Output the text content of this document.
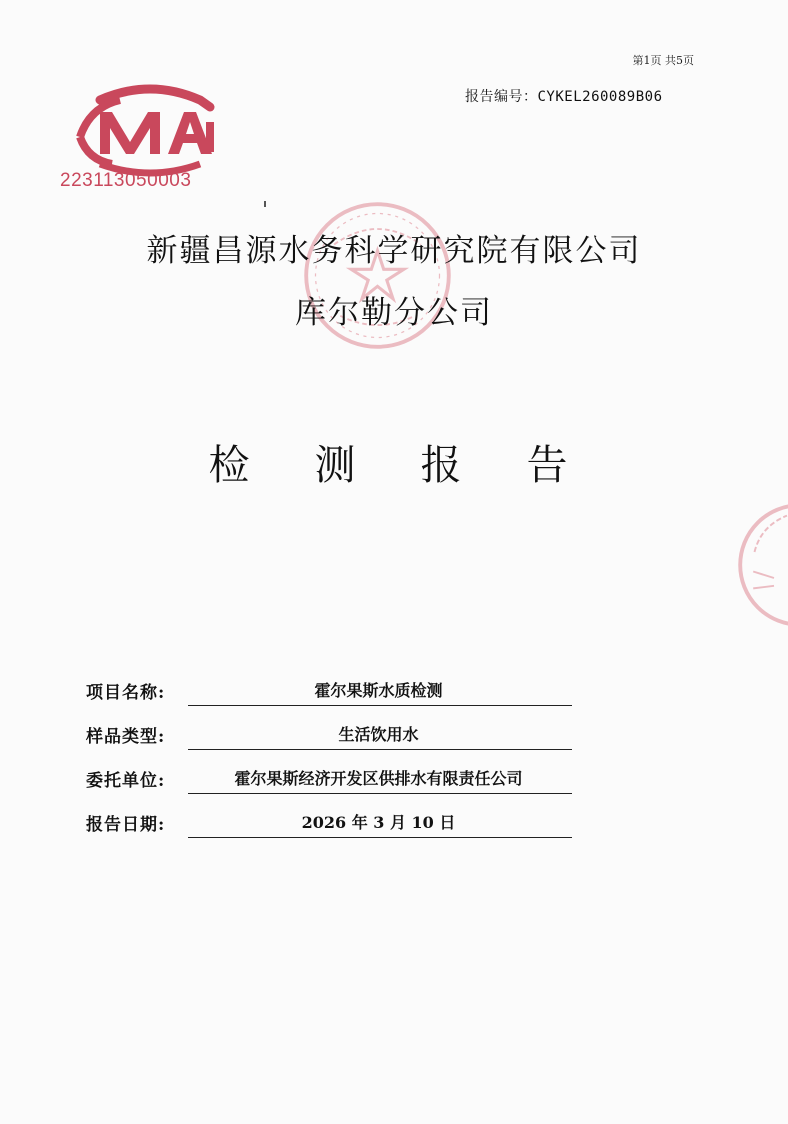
第1页 共5页
报告编号：CYKEL260089B06
223113050003
新疆昌源水务科学研究院有限公司
库尔勒分公司
检 测 报 告
项目名称:	霍尔果斯水质检测
样品类型:	生活饮用水
委托单位:	霍尔果斯经济开发区供排水有限责任公司
报告日期:	2026 年 3 月 10 日
